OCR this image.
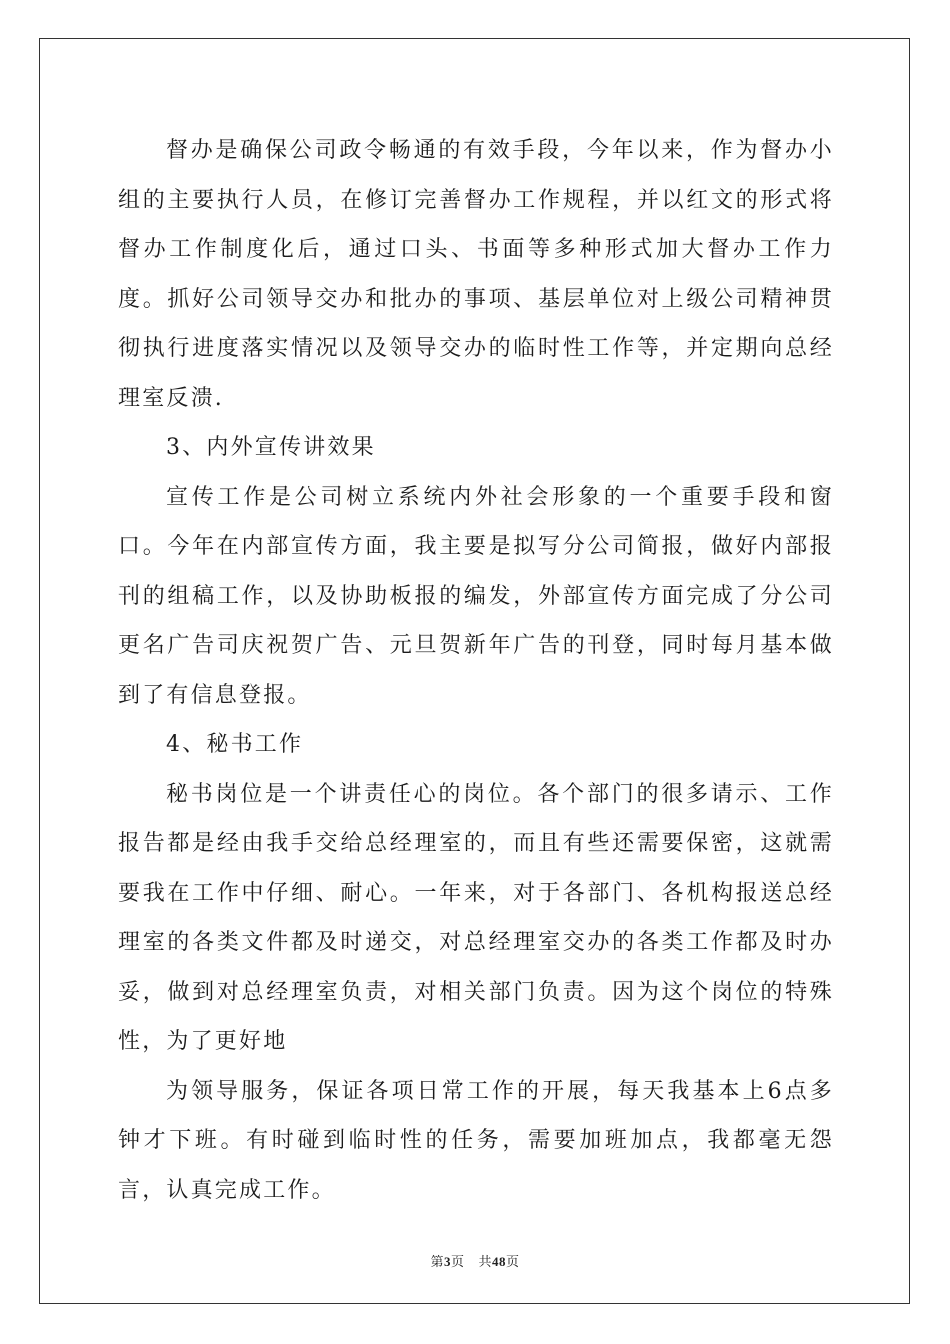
督办是确保公司政令畅通的有效手段，今年以来，作为督办小组的主要执行人员，在修订完善督办工作规程，并以红文的形式将督办工作制度化后，通过口头、书面等多种形式加大督办工作力度。抓好公司领导交办和批办的事项、基层单位对上级公司精神贯彻执行进度落实情况以及领导交办的临时性工作等，并定期向总经理室反溃.

3、内外宣传讲效果

宣传工作是公司树立系统内外社会形象的一个重要手段和窗口。今年在内部宣传方面，我主要是拟写分公司简报，做好内部报刊的组稿工作，以及协助板报的编发，外部宣传方面完成了分公司更名广告司庆祝贺广告、元旦贺新年广告的刊登，同时每月基本做到了有信息登报。

4、秘书工作

秘书岗位是一个讲责任心的岗位。各个部门的很多请示、工作报告都是经由我手交给总经理室的，而且有些还需要保密，这就需要我在工作中仔细、耐心。一年来，对于各部门、各机构报送总经理室的各类文件都及时递交，对总经理室交办的各类工作都及时办妥，做到对总经理室负责，对相关部门负责。因为这个岗位的特殊性，为了更好地

为领导服务，保证各项日常工作的开展，每天我基本上6点多钟才下班。有时碰到临时性的任务，需要加班加点，我都毫无怨言，认真完成工作。

第3页 共48页
